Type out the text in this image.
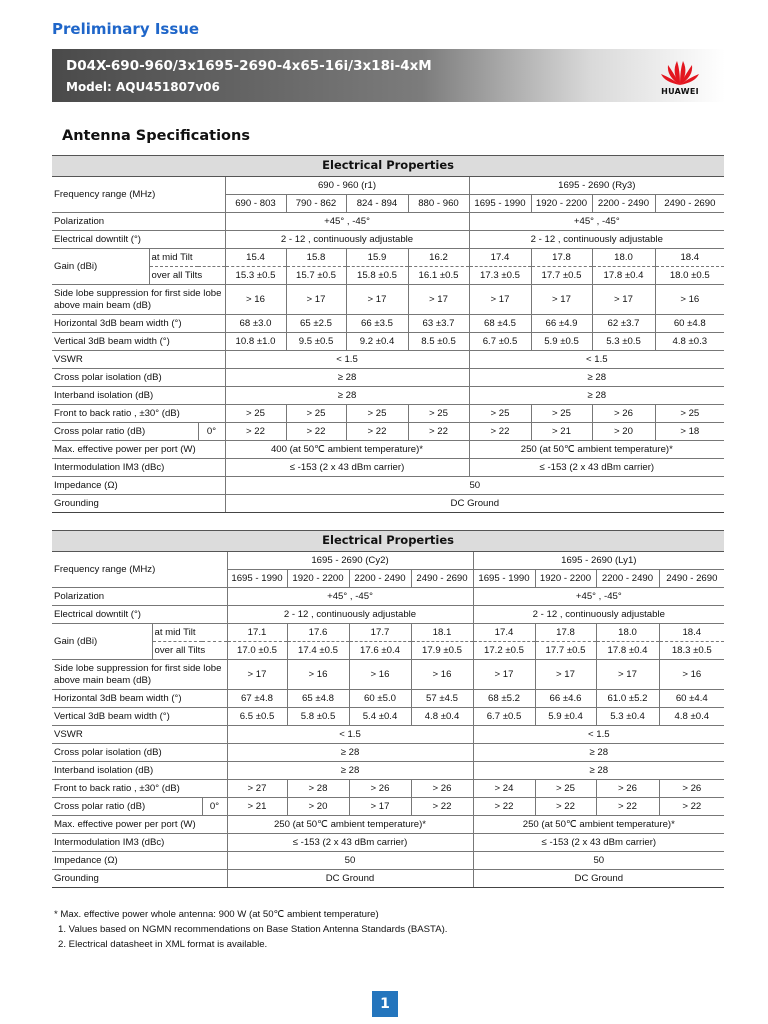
Preliminary Issue
D04X-690-960/3x1695-2690-4x65-16i/3x18i-4xM
Model: AQU451807v06	HUAWEI
Antenna Specifications
Electrical Properties										
Frequency range (MHz)			690 - 960 (r1)				1695 - 2690 (Ry3)			
			690 - 803	790 - 862	824 - 894	880 - 960	1695 - 1990	1920 - 2200	2200 - 2490	2490 - 2690
Polarization			+45° , -45°				+45° , -45°			
Electrical downtilt (°)			2 - 12 , continuously adjustable				2 - 12 , continuously adjustable			
Gain (dBi)	at mid Tilt		15.4	15.8	15.9	16.2	17.4	17.8	18.0	18.4
	over all Tilts		15.3 ±0.5	15.7 ±0.5	15.8 ±0.5	16.1 ±0.5	17.3 ±0.5	17.7 ±0.5	17.8 ±0.4	18.0 ±0.5
Side lobe suppression for first side lobe above main beam (dB)			> 16	> 17	> 17	> 17	> 17	> 17	> 17	> 16
Horizontal 3dB beam width (°)			68 ±3.0	65 ±2.5	66 ±3.5	63 ±3.7	68 ±4.5	66 ±4.9	62 ±3.7	60 ±4.8
Vertical 3dB beam width (°)			10.8 ±1.0	9.5 ±0.5	9.2 ±0.4	8.5 ±0.5	6.7 ±0.5	5.9 ±0.5	5.3 ±0.5	4.8 ±0.3
VSWR			< 1.5				< 1.5			
Cross polar isolation (dB)			≥ 28				≥ 28			
Interband isolation (dB)			≥ 28				≥ 28			
Front to back ratio , ±30° (dB)			> 25	> 25	> 25	> 25	> 25	> 25	> 26	> 25
Cross polar ratio (dB)		0°	> 22	> 22	> 22	> 22	> 22	> 21	> 20	> 18
Max. effective power per port (W)			400 (at 50℃ ambient temperature)*				250 (at 50℃ ambient temperature)*			
Intermodulation IM3 (dBc)			≤ -153 (2 x 43 dBm carrier)				≤ -153 (2 x 43 dBm carrier)			
Impedance (Ω)			50							
Grounding			DC Ground							
Electrical Properties										
Frequency range (MHz)			1695 - 2690 (Cy2)				1695 - 2690 (Ly1)			
			1695 - 1990	1920 - 2200	2200 - 2490	2490 - 2690	1695 - 1990	1920 - 2200	2200 - 2490	2490 - 2690
Polarization			+45° , -45°				+45° , -45°			
Electrical downtilt (°)			2 - 12 , continuously adjustable				2 - 12 , continuously adjustable			
Gain (dBi)	at mid Tilt		17.1	17.6	17.7	18.1	17.4	17.8	18.0	18.4
	over all Tilts		17.0 ±0.5	17.4 ±0.5	17.6 ±0.4	17.9 ±0.5	17.2 ±0.5	17.7 ±0.5	17.8 ±0.4	18.3 ±0.5
Side lobe suppression for first side lobe above main beam (dB)			> 17	> 16	> 16	> 16	> 17	> 17	> 17	> 16
Horizontal 3dB beam width (°)			67 ±4.8	65 ±4.8	60 ±5.0	57 ±4.5	68 ±5.2	66 ±4.6	61.0 ±5.2	60 ±4.4
Vertical 3dB beam width (°)			6.5 ±0.5	5.8 ±0.5	5.4 ±0.4	4.8 ±0.4	6.7 ±0.5	5.9 ±0.4	5.3 ±0.4	4.8 ±0.4
VSWR			< 1.5				< 1.5			
Cross polar isolation (dB)			≥ 28				≥ 28			
Interband isolation (dB)			≥ 28				≥ 28			
Front to back ratio , ±30° (dB)			> 27	> 28	> 26	> 26	> 24	> 25	> 26	> 26
Cross polar ratio (dB)		0°	> 21	> 20	> 17	> 22	> 22	> 22	> 22	> 22
Max. effective power per port (W)			250 (at 50℃ ambient temperature)*				250 (at 50℃ ambient temperature)*			
Intermodulation IM3 (dBc)			≤ -153 (2 x 43 dBm carrier)				≤ -153 (2 x 43 dBm carrier)			
Impedance (Ω)			50				50			
Grounding			DC Ground				DC Ground			
* Max. effective power whole antenna: 900 W (at 50℃ ambient temperature)
1. Values based on NGMN recommendations on Base Station Antenna Standards (BASTA).
2. Electrical datasheet in XML format is available.
1
